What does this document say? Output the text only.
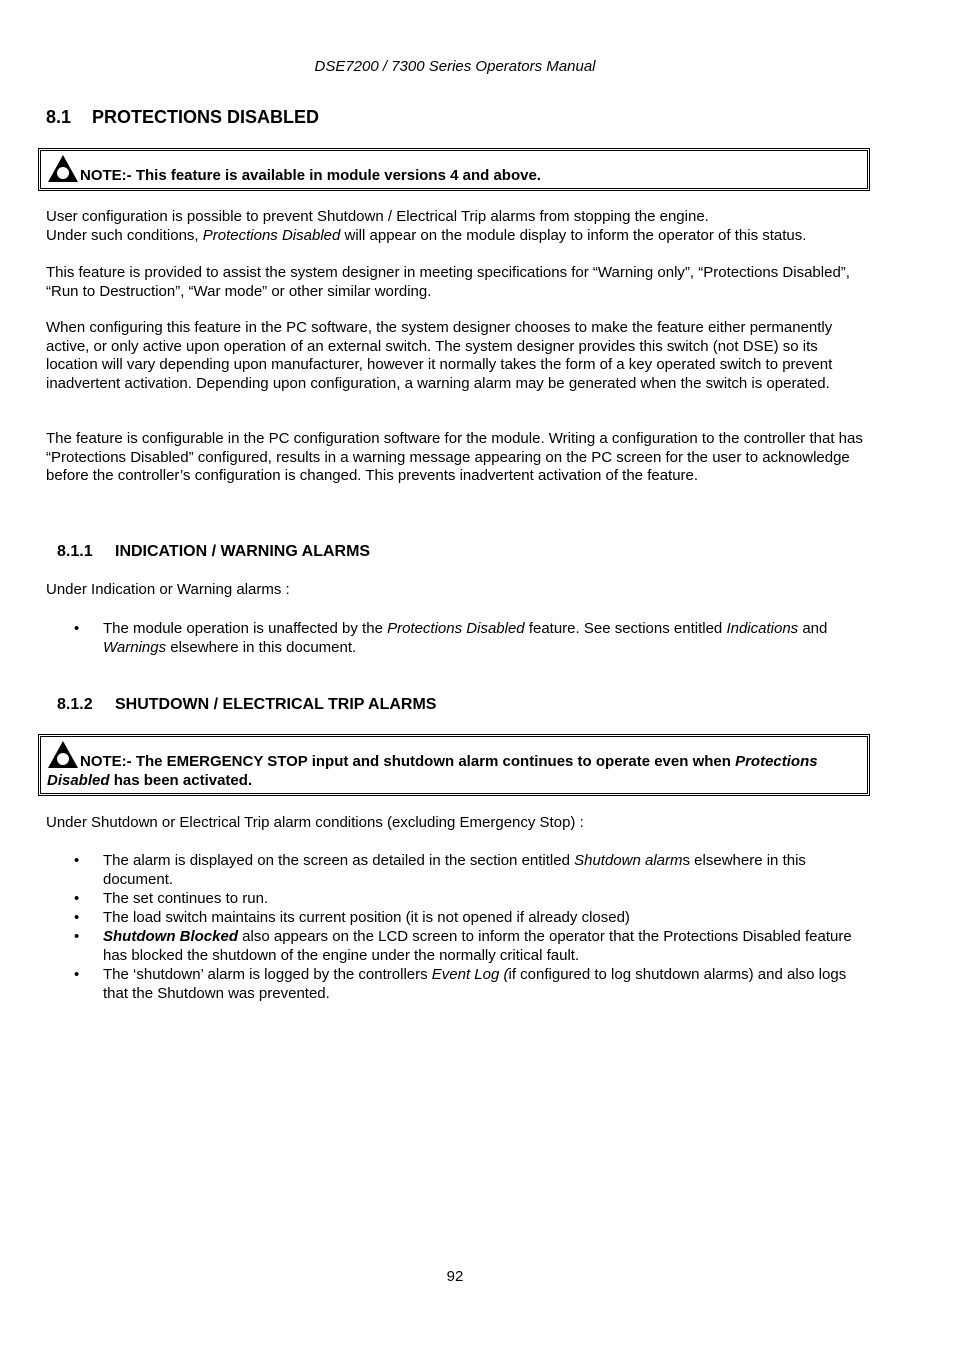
DSE7200 / 7300 Series Operators Manual
8.1 PROTECTIONS DISABLED
NOTE:- This feature is available in module versions 4 and above.
User configuration is possible to prevent Shutdown / Electrical Trip alarms from stopping the engine.
Under such conditions, Protections Disabled will appear on the module display to inform the operator of this status.
This feature is provided to assist the system designer in meeting specifications for “Warning only”, “Protections Disabled”, “Run to Destruction”, “War mode” or other similar wording.
When configuring this feature in the PC software, the system designer chooses to make the feature either permanently active, or only active upon operation of an external switch. The system designer provides this switch (not DSE) so its location will vary depending upon manufacturer, however it normally takes the form of a key operated switch to prevent inadvertent activation. Depending upon configuration, a warning alarm may be generated when the switch is operated.
The feature is configurable in the PC configuration software for the module. Writing a configuration to the controller that has “Protections Disabled” configured, results in a warning message appearing on the PC screen for the user to acknowledge before the controller’s configuration is changed. This prevents inadvertent activation of the feature.
8.1.1 INDICATION / WARNING ALARMS
Under Indication or Warning alarms :
• The module operation is unaffected by the Protections Disabled feature. See sections entitled Indications and Warnings elsewhere in this document.
8.1.2 SHUTDOWN / ELECTRICAL TRIP ALARMS
NOTE:- The EMERGENCY STOP input and shutdown alarm continues to operate even when Protections Disabled has been activated.
Under Shutdown or Electrical Trip alarm conditions (excluding Emergency Stop) :
• The alarm is displayed on the screen as detailed in the section entitled Shutdown alarms elsewhere in this document.
• The set continues to run.
• The load switch maintains its current position (it is not opened if already closed)
• Shutdown Blocked also appears on the LCD screen to inform the operator that the Protections Disabled feature has blocked the shutdown of the engine under the normally critical fault.
• The ‘shutdown’ alarm is logged by the controllers Event Log (if configured to log shutdown alarms) and also logs that the Shutdown was prevented.
92
